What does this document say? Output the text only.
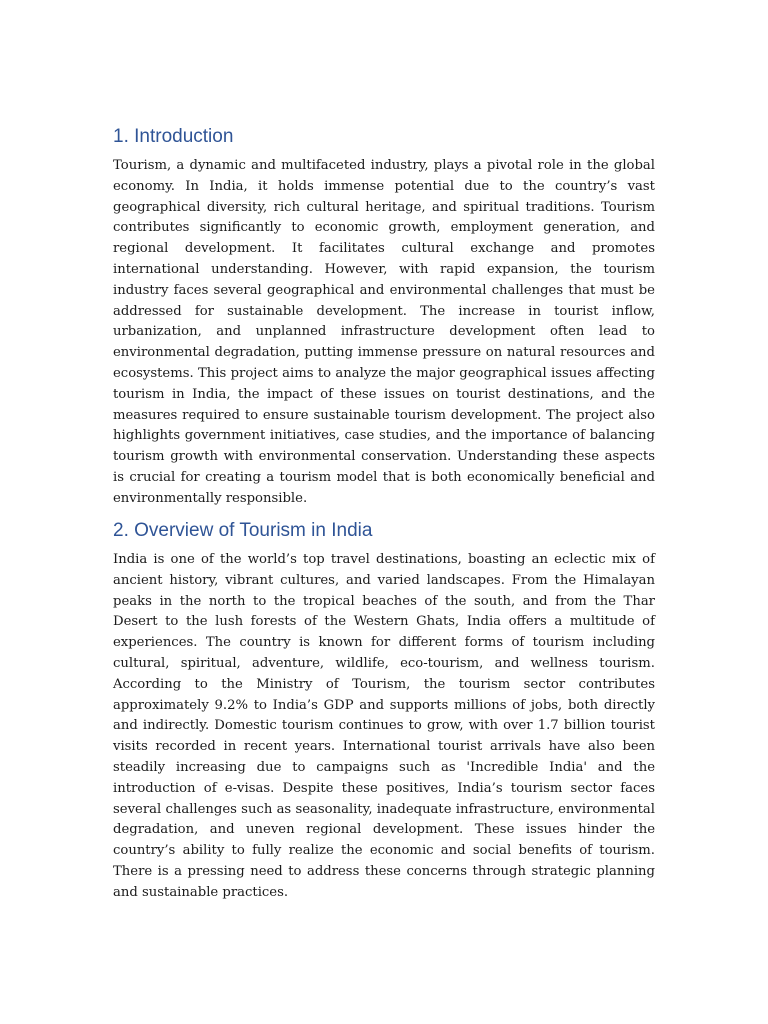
1. Introduction

Tourism, a dynamic and multifaceted industry, plays a pivotal role in the global economy. In India, it holds immense potential due to the country’s vast geographical diversity, rich cultural heritage, and spiritual traditions. Tourism contributes significantly to economic growth, employment generation, and regional development. It facilitates cultural exchange and promotes international understanding. However, with rapid expansion, the tourism industry faces several geographical and environmental challenges that must be addressed for sustainable development. The increase in tourist inflow, urbanization, and unplanned infrastructure development often lead to environmental degradation, putting immense pressure on natural resources and ecosystems. This project aims to analyze the major geographical issues affecting tourism in India, the impact of these issues on tourist destinations, and the measures required to ensure sustainable tourism development. The project also highlights government initiatives, case studies, and the importance of balancing tourism growth with environmental conservation. Understanding these aspects is crucial for creating a tourism model that is both economically beneficial and environmentally responsible.

2. Overview of Tourism in India

India is one of the world’s top travel destinations, boasting an eclectic mix of ancient history, vibrant cultures, and varied landscapes. From the Himalayan peaks in the north to the tropical beaches of the south, and from the Thar Desert to the lush forests of the Western Ghats, India offers a multitude of experiences. The country is known for different forms of tourism including cultural, spiritual, adventure, wildlife, eco-tourism, and wellness tourism. According to the Ministry of Tourism, the tourism sector contributes approximately 9.2% to India’s GDP and supports millions of jobs, both directly and indirectly. Domestic tourism continues to grow, with over 1.7 billion tourist visits recorded in recent years. International tourist arrivals have also been steadily increasing due to campaigns such as 'Incredible India' and the introduction of e-visas. Despite these positives, India’s tourism sector faces several challenges such as seasonality, inadequate infrastructure, environmental degradation, and uneven regional development. These issues hinder the country’s ability to fully realize the economic and social benefits of tourism. There is a pressing need to address these concerns through strategic planning and sustainable practices.
